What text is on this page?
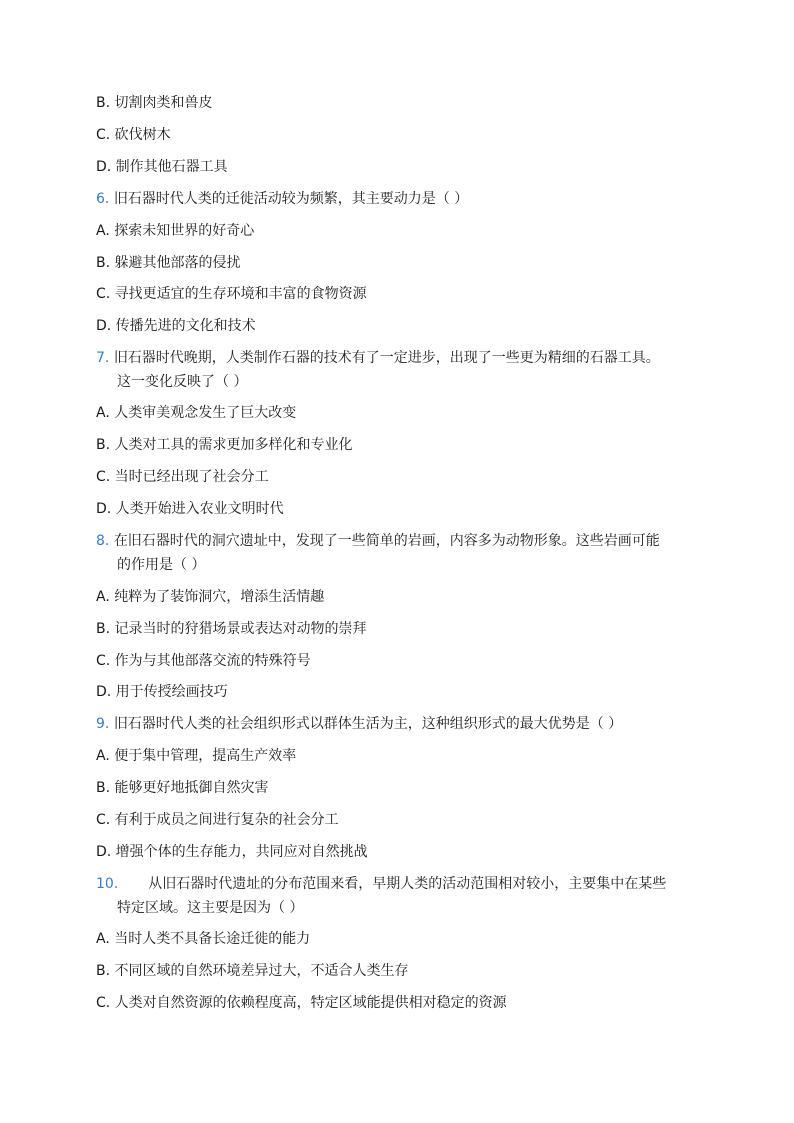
B. 切割肉类和兽皮
C. 砍伐树木
D. 制作其他石器工具
6. 旧石器时代人类的迁徙活动较为频繁，其主要动力是（ ）
A. 探索未知世界的好奇心
B. 躲避其他部落的侵扰
C. 寻找更适宜的生存环境和丰富的食物资源
D. 传播先进的文化和技术
7. 旧石器时代晚期，人类制作石器的技术有了一定进步，出现了一些更为精细的石器工具。
这一变化反映了（ ）
A. 人类审美观念发生了巨大改变
B. 人类对工具的需求更加多样化和专业化
C. 当时已经出现了社会分工
D. 人类开始进入农业文明时代
8. 在旧石器时代的洞穴遗址中，发现了一些简单的岩画，内容多为动物形象。这些岩画可能
的作用是（ ）
A. 纯粹为了装饰洞穴，增添生活情趣
B. 记录当时的狩猎场景或表达对动物的崇拜
C. 作为与其他部落交流的特殊符号
D. 用于传授绘画技巧
9. 旧石器时代人类的社会组织形式以群体生活为主，这种组织形式的最大优势是（ ）
A. 便于集中管理，提高生产效率
B. 能够更好地抵御自然灾害
C. 有利于成员之间进行复杂的社会分工
D. 增强个体的生存能力，共同应对自然挑战
10. 从旧石器时代遗址的分布范围来看，早期人类的活动范围相对较小，主要集中在某些
特定区域。这主要是因为（ ）
A. 当时人类不具备长途迁徙的能力
B. 不同区域的自然环境差异过大，不适合人类生存
C. 人类对自然资源的依赖程度高，特定区域能提供相对稳定的资源
